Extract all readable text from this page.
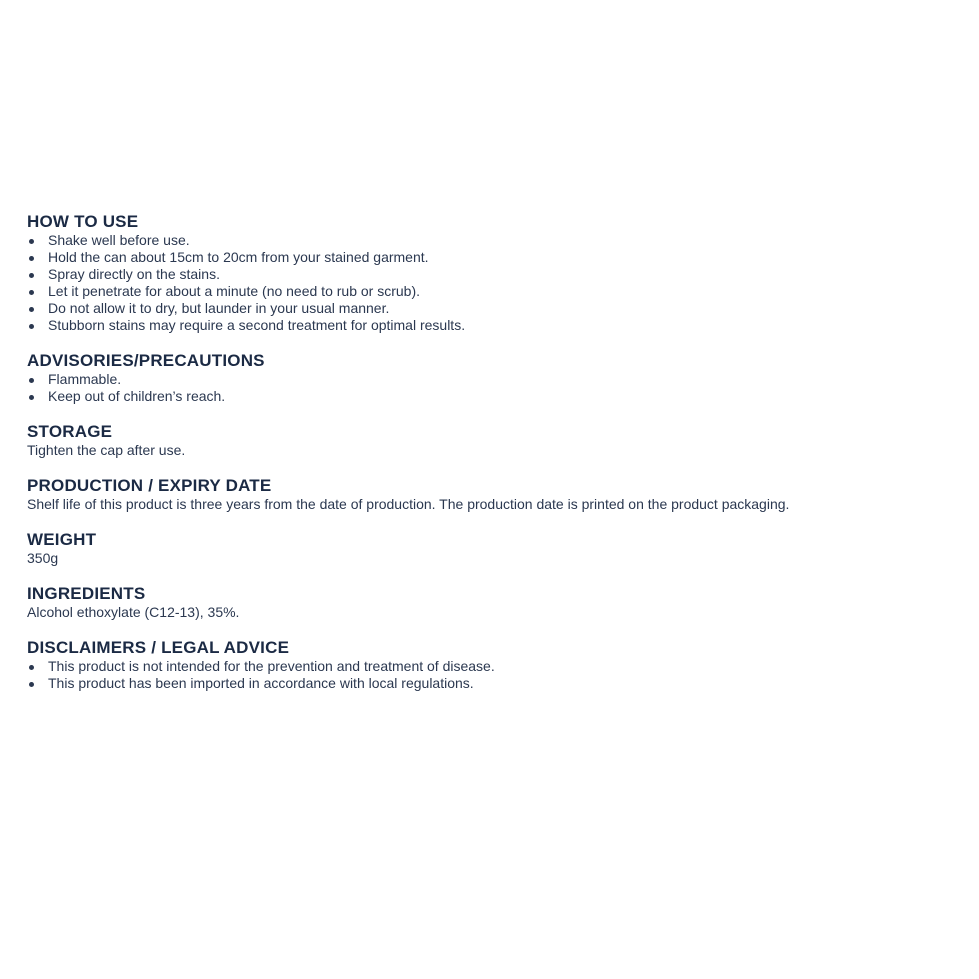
HOW TO USE
Shake well before use.
Hold the can about 15cm to 20cm from your stained garment.
Spray directly on the stains.
Let it penetrate for about a minute (no need to rub or scrub).
Do not allow it to dry, but launder in your usual manner.
Stubborn stains may require a second treatment for optimal results.
ADVISORIES/PRECAUTIONS
Flammable.
Keep out of children’s reach.
STORAGE

Tighten the cap after use.

PRODUCTION / EXPIRY DATE

Shelf life of this product is three years from the date of production. The production date is printed on the product packaging.

WEIGHT

350g

INGREDIENTS

Alcohol ethoxylate (C12-13), 35%.

DISCLAIMERS / LEGAL ADVICE
This product is not intended for the prevention and treatment of disease.
This product has been imported in accordance with local regulations.
